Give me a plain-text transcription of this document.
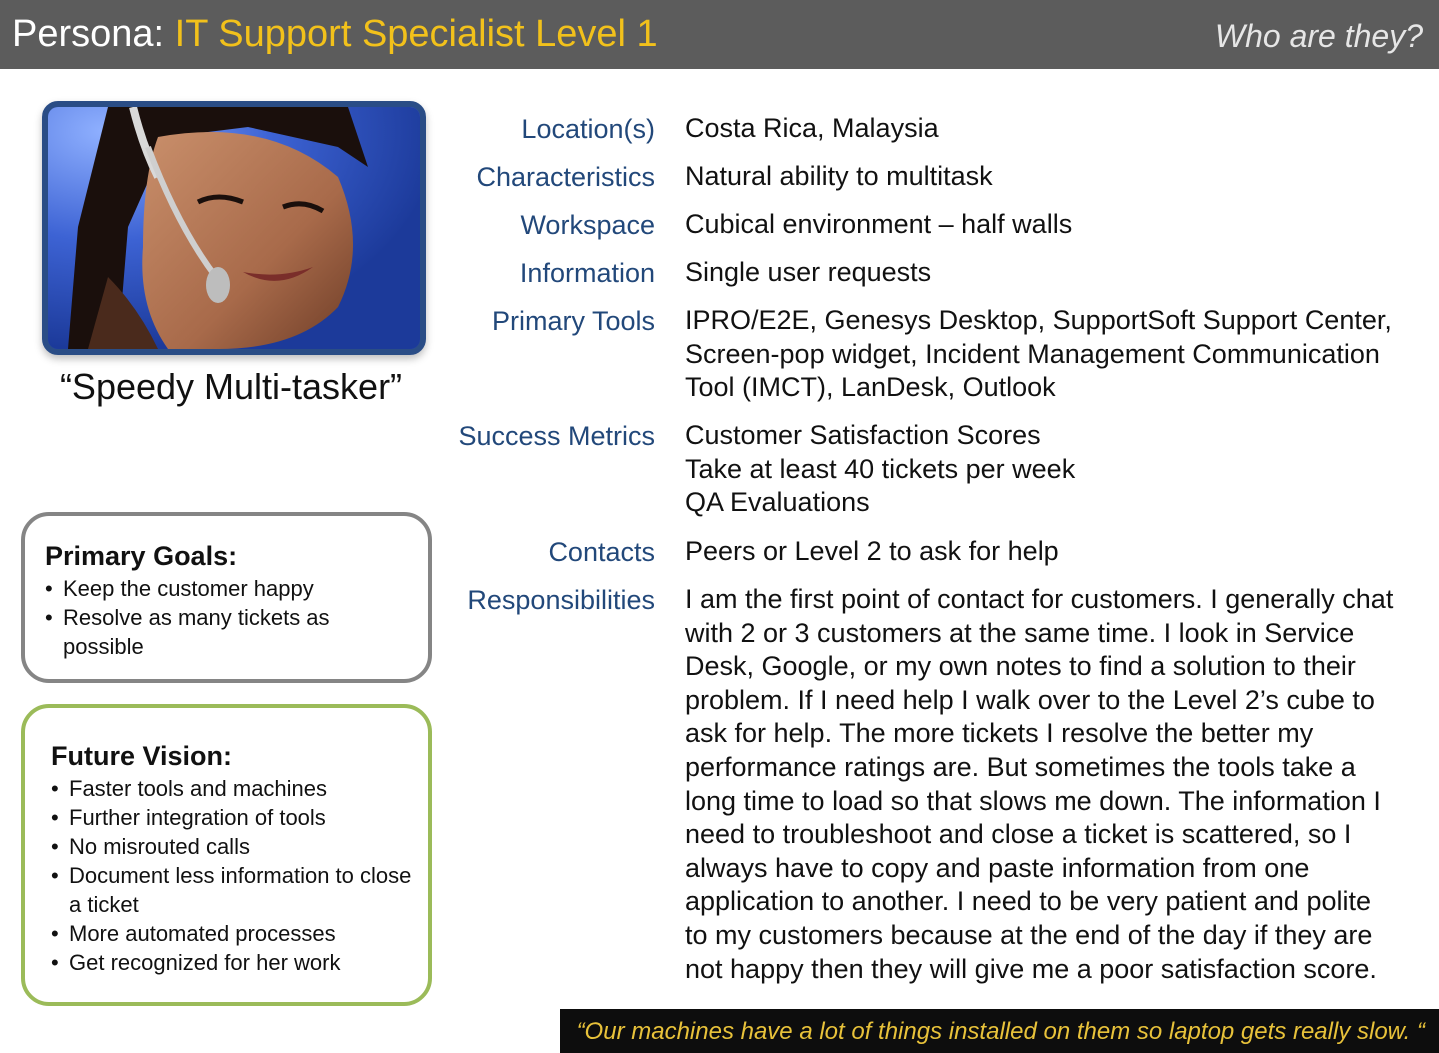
Persona: IT Support Specialist Level 1	Who are they?
“Speedy Multi-tasker”
Primary Goals:
• Keep the customer happy
• Resolve as many tickets as possible
Future Vision:
• Faster tools and machines
• Further integration of tools
• No misrouted calls
• Document less information to close a ticket
• More automated processes
• Get recognized for her work
Location(s) Costa Rica, Malaysia
Characteristics Natural ability to multitask
Workspace Cubical environment – half walls
Information Single user requests
Primary Tools IPRO/E2E, Genesys Desktop, SupportSoft Support Center,
Screen-pop widget, Incident Management Communication
Tool (IMCT), LanDesk, Outlook
Success Metrics Customer Satisfaction Scores
Take at least 40 tickets per week
QA Evaluations
Contacts Peers or Level 2 to ask for help
Responsibilities I am the first point of contact for customers. I generally chat
with 2 or 3 customers at the same time. I look in Service
Desk, Google, or my own notes to find a solution to their
problem. If I need help I walk over to the Level 2’s cube to
ask for help. The more tickets I resolve the better my
performance ratings are. But sometimes the tools take a
long time to load so that slows me down. The information I
need to troubleshoot and close a ticket is scattered, so I
always have to copy and paste information from one
application to another. I need to be very patient and polite
to my customers because at the end of the day if they are
not happy then they will give me a poor satisfaction score.
“Our machines have a lot of things installed on them so laptop gets really slow. “
